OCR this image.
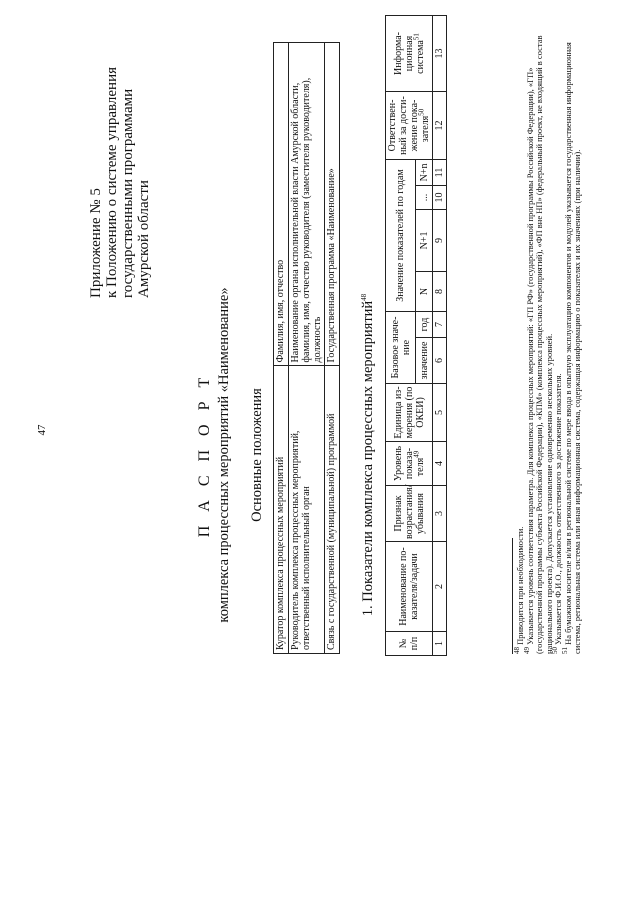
47
Приложение № 5 к Положению о системе управления государственными программами Амурской области
П А С П О Р Т комплекса процессных мероприятий «Наименование» Основные положения
Куратор комплекса процессных мероприятий	Фамилия, имя, отчество
Руководитель комплекса процессных мероприятий, ответственный исполнительный орган	Наименование органа исполнительной власти Амурской области, фамилия, имя, отчество руководителя (заместителя руководителя), должность
Связь с государственной (муниципальной) программой	Государственная программа «Наименование»
1. Показатели комплекса процессных мероприятий$^{48}$
№ п/п	Наименование по- казателя/задачи	Признак возрастания/ убывания	Уровень показа- теля$^{49}$	Единица из- мерения (по ОКЕИ)	Базовое значе- ние		Значение показателей по годам				Ответствен- ный за дости- жение пока- зателя$^{50}$	Информа- ционная система$^{51}$
					значение	год	N	N+1	...	N+n		
1	2	3	4	5	6	7	8	9	10	11	12	13

$^{48}$ Приводится при необходимости.

$^{49}$ Указывается уровень соответствия параметра. Для комплекса процессных мероприятий: «ГП РФ» (государственной программы Российской Федерации), «ГП» (государственной программы субъекта Российской Федерации), «КПМ» (комплекса процессных мероприятий), «ФП вне НП» (федеральный проект, не входящий в состав национального проекта). Допускается установление одновременно нескольких уровней.

$^{50}$ Указывается Ф.И.О., должность ответственного за достижение показателя.

$^{51}$ На бумажном носителе и/или в региональной системе по мере ввода в опытную эксплуатацию компонентов и модулей указывается государственная информационная система, региональная система или иная информационная система, содержащая информацию о показателях и их значениях (при наличии).
